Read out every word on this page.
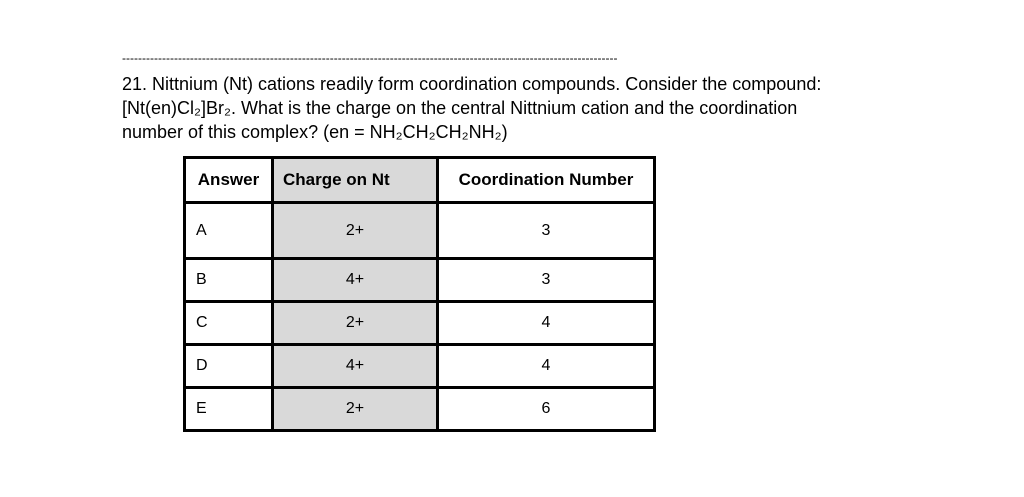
----------------------------------------------------------------------------------------------------------------------------
21. Nittnium (Nt) cations readily form coordination compounds. Consider the compound:
[Nt(en)Cl₂]Br₂. What is the charge on the central Nittnium cation and the coordination
number of this complex? (en = NH₂CH₂CH₂NH₂)
Answer	Charge on Nt	Coordination Number
A	2+	3
B	4+	3
C	2+	4
D	4+	4
E	2+	6
